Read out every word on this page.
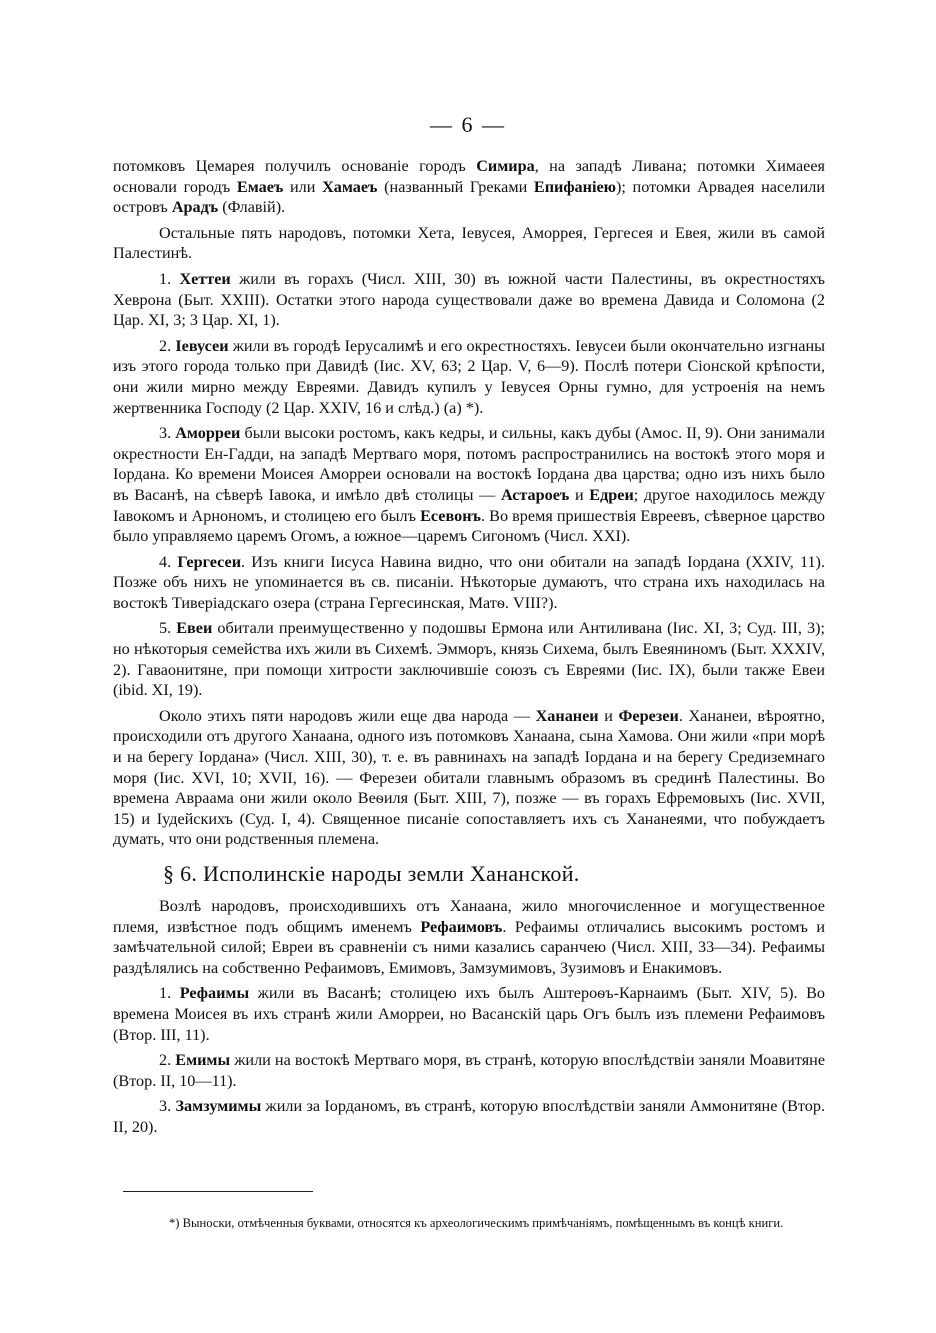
— 6 —

потомковъ Цемарея получилъ основаніе городъ Симира, на западѣ Ливана; потомки Химаеея основали городъ Емаеъ или Хамаеъ (названный Греками Епифаніею); потомки Арвадея населили островъ Арадъ (Флавій).

Остальные пять народовъ, потомки Хета, Іевусея, Аморрея, Гергесея и Евея, жили въ самой Палестинѣ.

1. Хеттеи жили въ горахъ (Числ. XIII, 30) въ южной части Палестины, въ окрестностяхъ Хеврона (Быт. XXIII). Остатки этого народа существовали даже во времена Давида и Соломона (2 Цар. XI, 3; 3 Цар. XI, 1).

2. Іевусеи жили въ городѣ Іерусалимѣ и его окрестностяхъ. Іевусеи были окончательно изгнаны изъ этого города только при Давидѣ (Іис. XV, 63; 2 Цар. V, 6—9). Послѣ потери Сіонской крѣпости, они жили мирно между Евреями. Давидъ купилъ у Іевусея Орны гумно, для устроенія на немъ жертвенника Господу (2 Цар. XXIV, 16 и слѣд.) (а) *).

3. Аморреи были высоки ростомъ, какъ кедры, и сильны, какъ дубы (Амос. II, 9). Они занимали окрестности Ен-Гадди, на западѣ Мертваго моря, потомъ распространились на востокѣ этого моря и Іордана. Ко времени Моисея Аморреи основали на востокѣ Іордана два царства; одно изъ нихъ было въ Васанѣ, на сѣверѣ Іавока, и имѣло двѣ столицы — Астароеъ и Едреи; другое находилось между Іавокомъ и Арнономъ, и столицею его былъ Есевонъ. Во время пришествія Евреевъ, сѣверное царство было управляемо царемъ Огомъ, а южное—царемъ Сигономъ (Числ. XXI).

4. Гергесеи. Изъ книги Іисуса Навина видно, что они обитали на западѣ Іордана (XXIV, 11). Позже объ нихъ не упоминается въ св. писаніи. Нѣкоторые думаютъ, что страна ихъ находилась на востокѣ Тиверіадскаго озера (страна Гергесинская, Матѳ. VIII?).

5. Евеи обитали преимущественно у подошвы Ермона или Антиливана (Іис. XI, 3; Суд. III, 3); но нѣкоторыя семейства ихъ жили въ Сихемѣ. Эмморъ, князь Сихема, былъ Евеяниномъ (Быт. XXXIV, 2). Гаваонитяне, при помощи хитрости заключившіе союзъ съ Евреями (Іис. IX), были также Евеи (ibid. XI, 19).

Около этихъ пяти народовъ жили еще два народа — Хананеи и Ферезеи. Хананеи, вѣроятно, происходили отъ другого Ханаана, одного изъ потомковъ Ханаана, сына Хамова. Они жили «при морѣ и на берегу Іордана» (Числ. XIII, 30), т. е. въ равнинахъ на западѣ Іордана и на берегу Средиземнаго моря (Іис. XVI, 10; XVII, 16). — Ферезеи обитали главнымъ образомъ въ срединѣ Палестины. Во времена Авраама они жили около Веѳиля (Быт. XIII, 7), позже — въ горахъ Ефремовыхъ (Іис. XVII, 15) и Іудейскихъ (Суд. I, 4). Священное писаніе сопоставляетъ ихъ съ Хананеями, что побуждаетъ думать, что они родственныя племена.

§ 6. Исполинскіе народы земли Хананской.

Возлѣ народовъ, происходившихъ отъ Ханаана, жило многочисленное и могущественное племя, извѣстное подъ общимъ именемъ Рефаимовъ. Рефаимы отличались высокимъ ростомъ и замѣчательной силой; Евреи въ сравненіи съ ними казались саранчею (Числ. XIII, 33—34). Рефаимы раздѣлялись на собственно Рефаимовъ, Емимовъ, Замзумимовъ, Зузимовъ и Енакимовъ.

1. Рефаимы жили въ Васанѣ; столицею ихъ былъ Аштероѳъ-Карнаимъ (Быт. XIV, 5). Во времена Моисея въ ихъ странѣ жили Аморреи, но Васанскій царь Огъ былъ изъ племени Рефаимовъ (Втор. III, 11).

2. Емимы жили на востокѣ Мертваго моря, въ странѣ, которую впослѣдствіи заняли Моавитяне (Втор. II, 10—11).

3. Замзумимы жили за Іорданомъ, въ странѣ, которую впослѣдствіи заняли Аммонитяне (Втор. II, 20).

*) Выноски, отмѣченныя буквами, относятся къ археологическимъ примѣчаніямъ, помѣщеннымъ въ концѣ книги.
